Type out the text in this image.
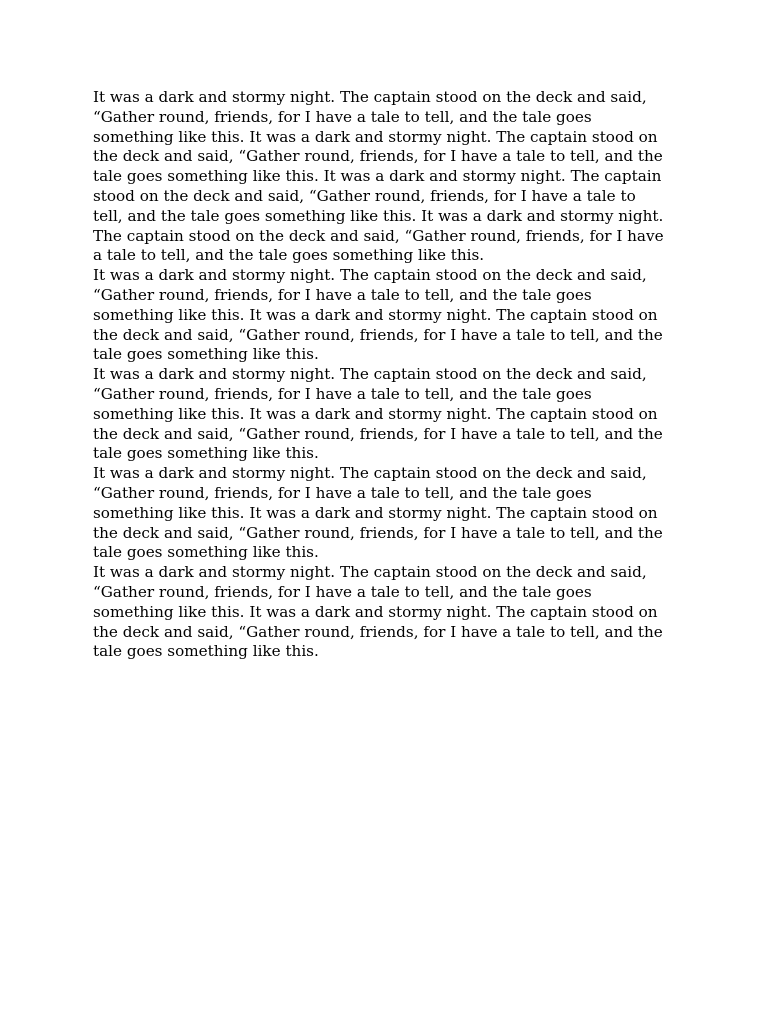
It was a dark and stormy night. The captain stood on the deck and said,
“Gather round, friends, for I have a tale to tell, and the tale goes
something like this. It was a dark and stormy night. The captain stood on
the deck and said, “Gather round, friends, for I have a tale to tell, and the
tale goes something like this. It was a dark and stormy night. The captain
stood on the deck and said, “Gather round, friends, for I have a tale to
tell, and the tale goes something like this. It was a dark and stormy night.
The captain stood on the deck and said, “Gather round, friends, for I have
a tale to tell, and the tale goes something like this.

It was a dark and stormy night. The captain stood on the deck and said,
“Gather round, friends, for I have a tale to tell, and the tale goes
something like this. It was a dark and stormy night. The captain stood on
the deck and said, “Gather round, friends, for I have a tale to tell, and the
tale goes something like this.

It was a dark and stormy night. The captain stood on the deck and said,
“Gather round, friends, for I have a tale to tell, and the tale goes
something like this. It was a dark and stormy night. The captain stood on
the deck and said, “Gather round, friends, for I have a tale to tell, and the
tale goes something like this.

It was a dark and stormy night. The captain stood on the deck and said,
“Gather round, friends, for I have a tale to tell, and the tale goes
something like this. It was a dark and stormy night. The captain stood on
the deck and said, “Gather round, friends, for I have a tale to tell, and the
tale goes something like this.

It was a dark and stormy night. The captain stood on the deck and said,
“Gather round, friends, for I have a tale to tell, and the tale goes
something like this. It was a dark and stormy night. The captain stood on
the deck and said, “Gather round, friends, for I have a tale to tell, and the
tale goes something like this.
